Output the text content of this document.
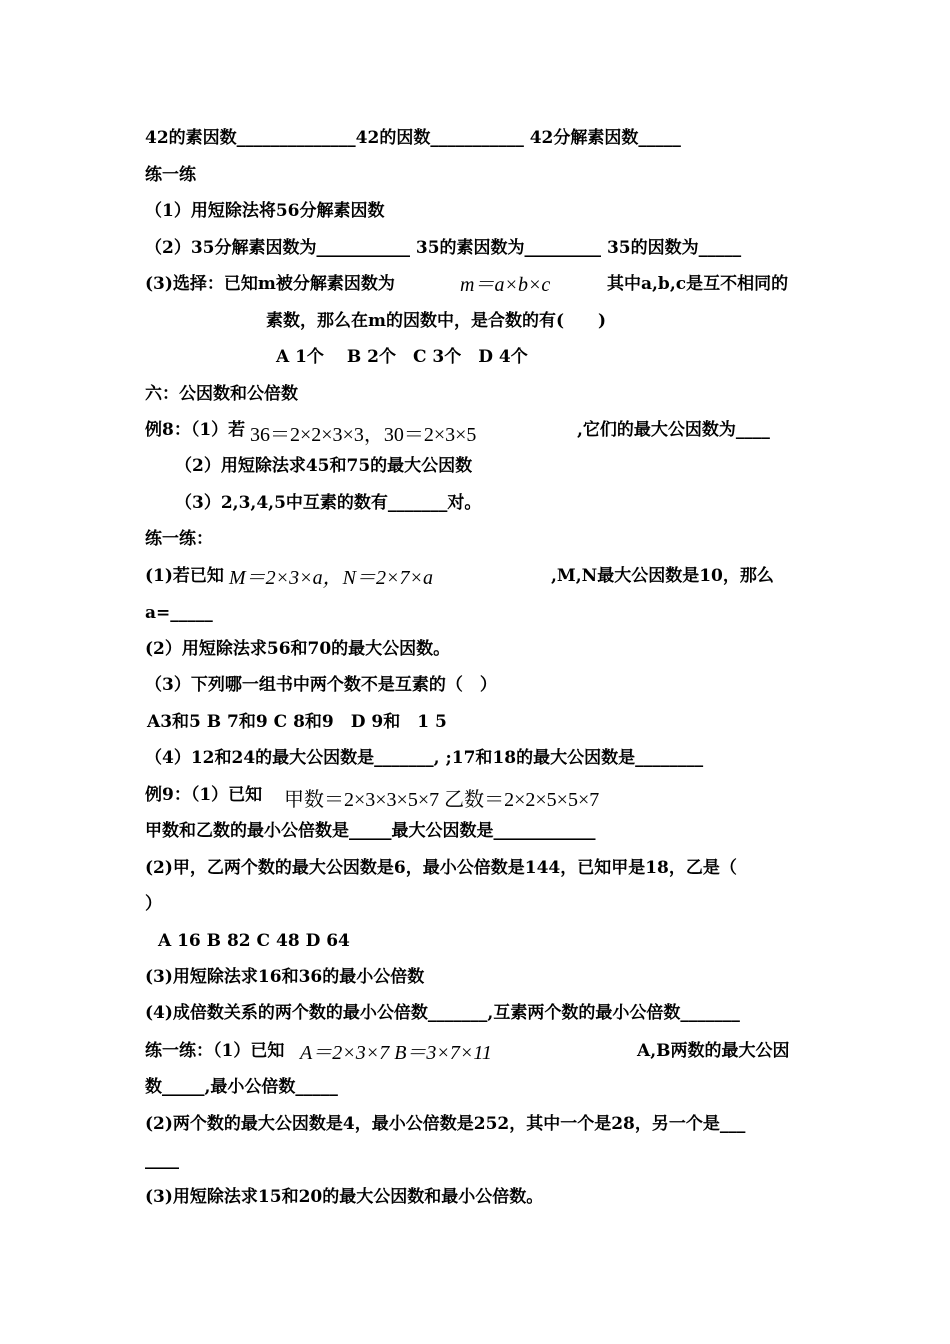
42的素因数______________42的因数___________ 42分解素因数_____
练一练
（1）用短除法将56分解素因数
（2）35分解素因数为___________ 35的素因数为_________ 35的因数为_____
(3)选择：已知m被分解素因数为	m＝a×b×c	其中a,b,c是互不相同的
素数，那么在m的因数中，是合数的有(　　)
A 1个　 B 2个　C 3个　D 4个
六：公因数和公倍数
例8：（1）若 36＝2×2×3×3，30＝2×3×5	,它们的最大公因数为____
（2）用短除法求45和75的最大公因数
（3）2,3,4,5中互素的数有_______对。
练一练：
(1)若已知 M＝2×3×a，N＝2×7×a	,M,N最大公因数是10，那么
a=_____
(2）用短除法求56和70的最大公因数。
（3）下列哪一组书中两个数不是互素的（　）
A3和5 B 7和9 C 8和9　D 9和　1 5
（4）12和24的最大公因数是_______, ;17和18的最大公因数是________
例9：（1）已知 甲数＝2×3×3×5×7 乙数＝2×2×5×5×7
甲数和乙数的最小公倍数是_____最大公因数是____________
(2)甲，乙两个数的最大公因数是6，最小公倍数是144，已知甲是18，乙是（
）
A 16 B 82 C 48 D 64
(3)用短除法求16和36的最小公倍数
(4)成倍数关系的两个数的最小公倍数_______,互素两个数的最小公倍数_______
练一练：（1）已知 A＝2×3×7 B＝3×7×11	A,B两数的最大公因
数_____,最小公倍数_____
(2)两个数的最大公因数是4，最小公倍数是252，其中一个是28，另一个是___
____
(3)用短除法求15和20的最大公因数和最小公倍数。
